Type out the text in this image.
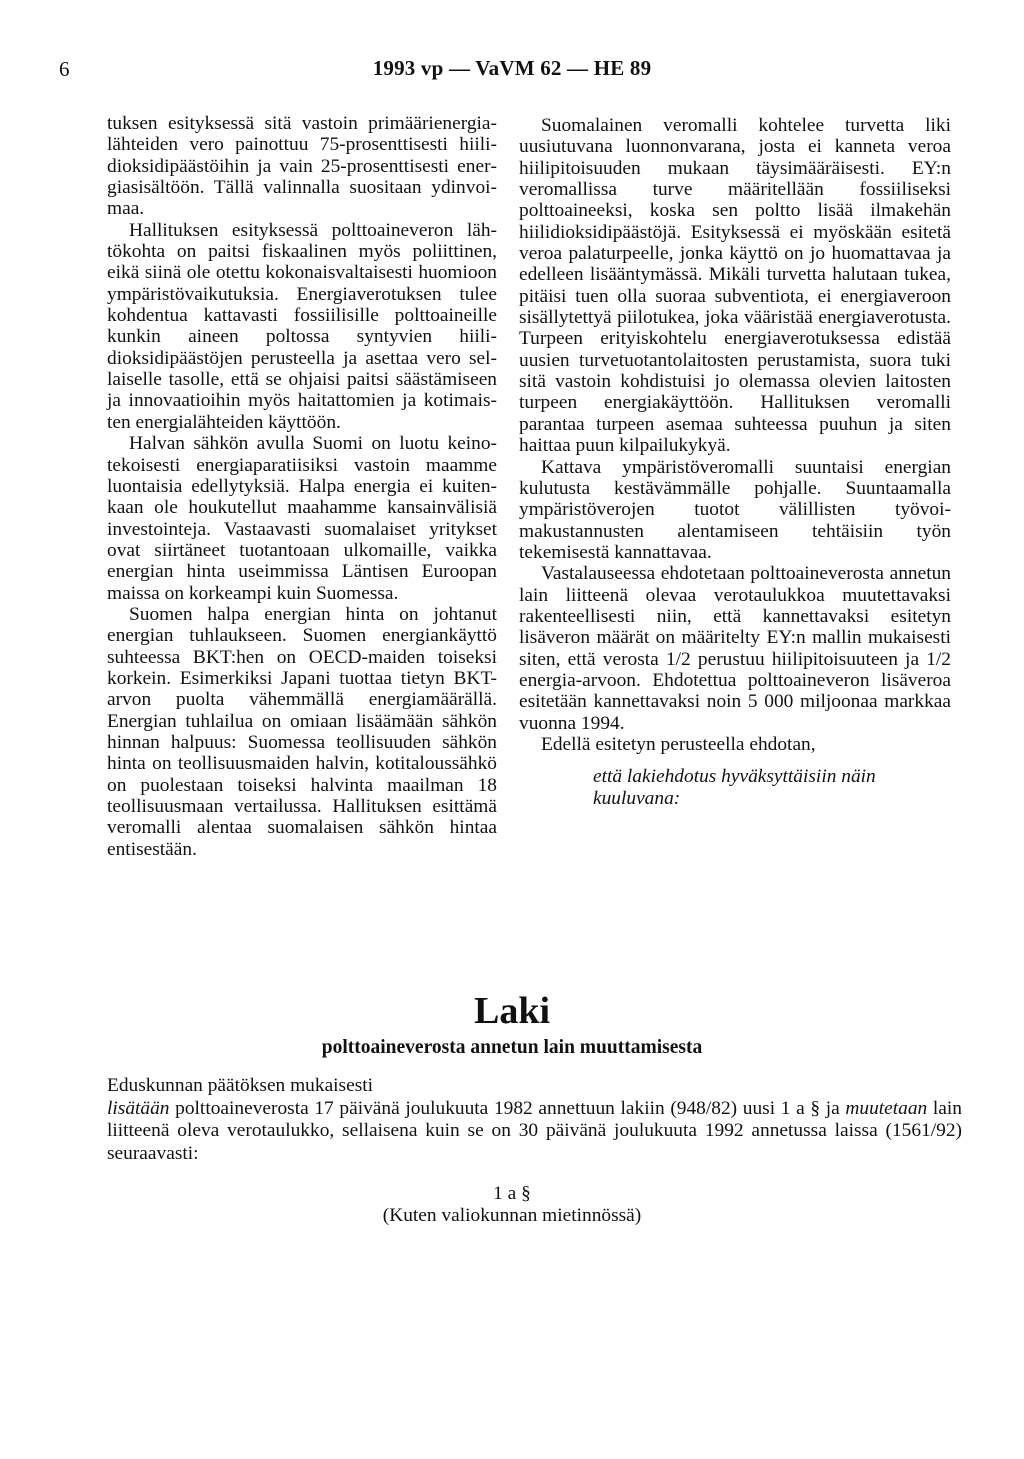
6	1993 vp — VaVM 62 — HE 89

tuksen esityksessä sitä vastoin primäärienergialähteiden vero painottuu 75-prosenttisesti hiilidioksidipäästöihin ja vain 25-prosenttisesti energiasisältöön. Tällä valinnalla suositaan ydinvoimaa.

Hallituksen esityksessä polttoaineveron lähtökohta on paitsi fiskaalinen myös poliittinen, eikä siinä ole otettu kokonaisvaltaisesti huomioon ympäristövaikutuksia. Energiaverotuksen tulee kohdentua kattavasti fossiilisille polttoaineille kunkin aineen poltossa syntyvien hiilidioksidipäästöjen perusteella ja asettaa vero sellaiselle tasolle, että se ohjaisi paitsi säästämiseen ja innovaatioihin myös haitattomien ja kotimaisten energialähteiden käyttöön.

Halvan sähkön avulla Suomi on luotu keinotekoisesti energiaparatiisiksi vastoin maamme luontaisia edellytyksiä. Halpa energia ei kuitenkaan ole houkutellut maahamme kansainvälisiä investointeja. Vastaavasti suomalaiset yritykset ovat siirtäneet tuotantoaan ulkomaille, vaikka energian hinta useimmissa Läntisen Euroopan maissa on korkeampi kuin Suomessa.

Suomen halpa energian hinta on johtanut energian tuhlaukseen. Suomen energiankäyttö suhteessa BKT:hen on OECD-maiden toiseksi korkein. Esimerkiksi Japani tuottaa tietyn BKT-arvon puolta vähemmällä energiamäärällä. Energian tuhlailua on omiaan lisäämään sähkön hinnan halpuus: Suomessa teollisuuden sähkön hinta on teollisuusmaiden halvin, kotitaloussähkö on puolestaan toiseksi halvinta maailman 18 teollisuusmaan vertailussa. Hallituksen esittämä veromalli alentaa suomalaisen sähkön hintaa entisestään.

Suomalainen veromalli kohtelee turvetta liki uusiutuvana luonnonvarana, josta ei kanneta veroa hiilipitoisuuden mukaan täysimääräisesti. EY:n veromallissa turve määritellään fossiiliseksi polttoaineeksi, koska sen poltto lisää ilmakehän hiilidioksidipäästöjä. Esityksessä ei myöskään esitetä veroa palaturpeelle, jonka käyttö on jo huomattavaa ja edelleen lisääntymässä. Mikäli turvetta halutaan tukea, pitäisi tuen olla suoraa subventiota, ei energiaveroon sisällytettyä piilotukea, joka vääristää energiaverotusta. Turpeen erityiskohtelu energiaverotuksessa edistää uusien turvetuotantolaitosten perustamista, suora tuki sitä vastoin kohdistuisi jo olemassa olevien laitosten turpeen energiakäyttöön. Hallituksen veromalli parantaa turpeen asemaa suhteessa puuhun ja siten haittaa puun kilpailukykyä.

Kattava ympäristöveromalli suuntaisi energian kulutusta kestävämmälle pohjalle. Suuntaamalla ympäristöverojen tuotot välillisten työvoimakustannusten alentamiseen tehtäisiin työn tekemisestä kannattavaa.

Vastalauseessa ehdotetaan polttoaineverosta annetun lain liitteenä olevaa verotaulukkoa muutettavaksi rakenteellisesti niin, että kannettavaksi esitetyn lisäveron määrät on määritelty EY:n mallin mukaisesti siten, että verosta 1/2 perustuu hiilipitoisuuteen ja 1/2 energia-arvoon. Ehdotettua polttoaineveron lisäveroa esitetään kannettavaksi noin 5 000 miljoonaa markkaa vuonna 1994.

Edellä esitetyn perusteella ehdotan,

että lakiehdotus hyväksyttäisiin näin kuuluvana:

Laki

polttoaineverosta annetun lain muuttamisesta

Eduskunnan päätöksen mukaisesti

lisätään polttoaineverosta 17 päivänä joulukuuta 1982 annettuun lakiin (948/82) uusi 1 a § ja muutetaan lain liitteenä oleva verotaulukko, sellaisena kuin se on 30 päivänä joulukuuta 1992 annetussa laissa (1561/92) seuraavasti:

1 a §

(Kuten valiokunnan mietinnössä)
